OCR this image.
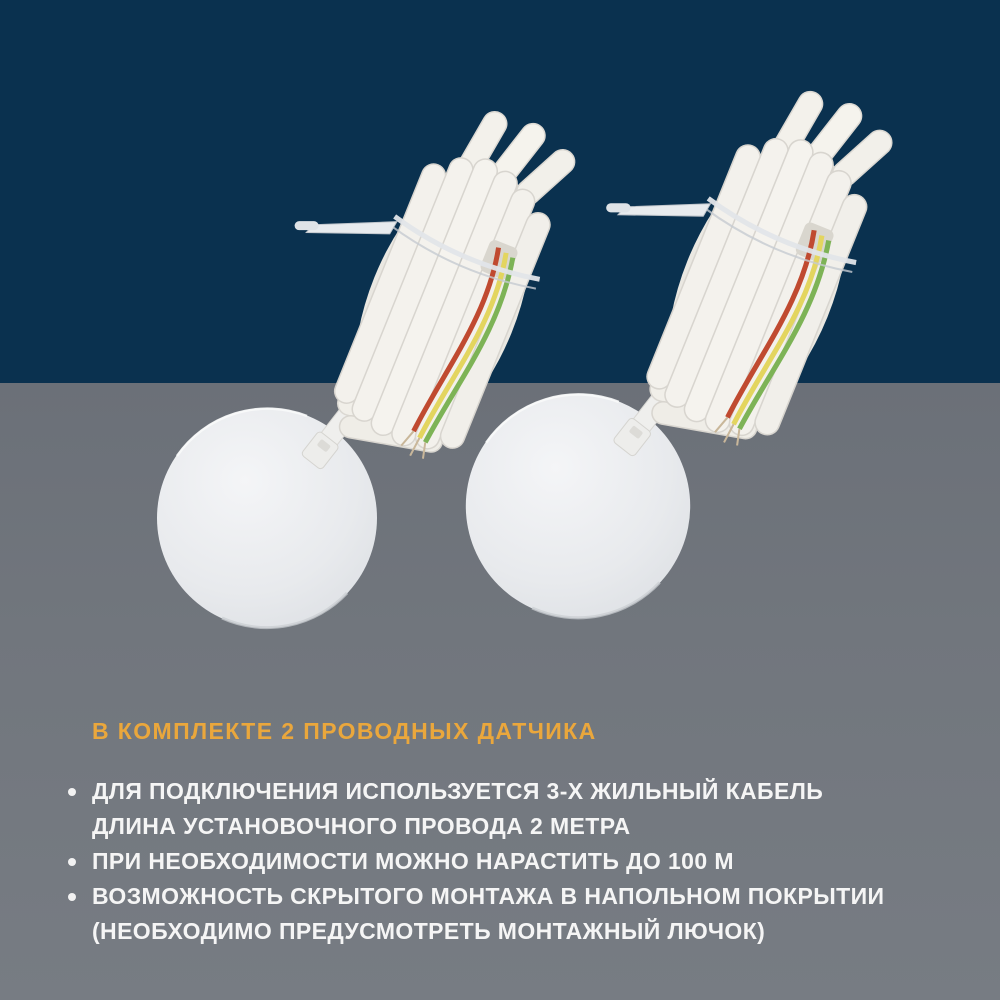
В КОМПЛЕКТЕ 2 ПРОВОДНЫХ ДАТЧИКА
ДЛЯ ПОДКЛЮЧЕНИЯ ИСПОЛЬЗУЕТСЯ 3-Х ЖИЛЬНЫЙ КАБЕЛЬ
ДЛИНА УСТАНОВОЧНОГО ПРОВОДА 2 МЕТРА
ПРИ НЕОБХОДИМОСТИ МОЖНО НАРАСТИТЬ ДО 100 М
ВОЗМОЖНОСТЬ СКРЫТОГО МОНТАЖА В НАПОЛЬНОМ ПОКРЫТИИ
(НЕОБХОДИМО ПРЕДУСМОТРЕТЬ МОНТАЖНЫЙ ЛЮЧОК)
